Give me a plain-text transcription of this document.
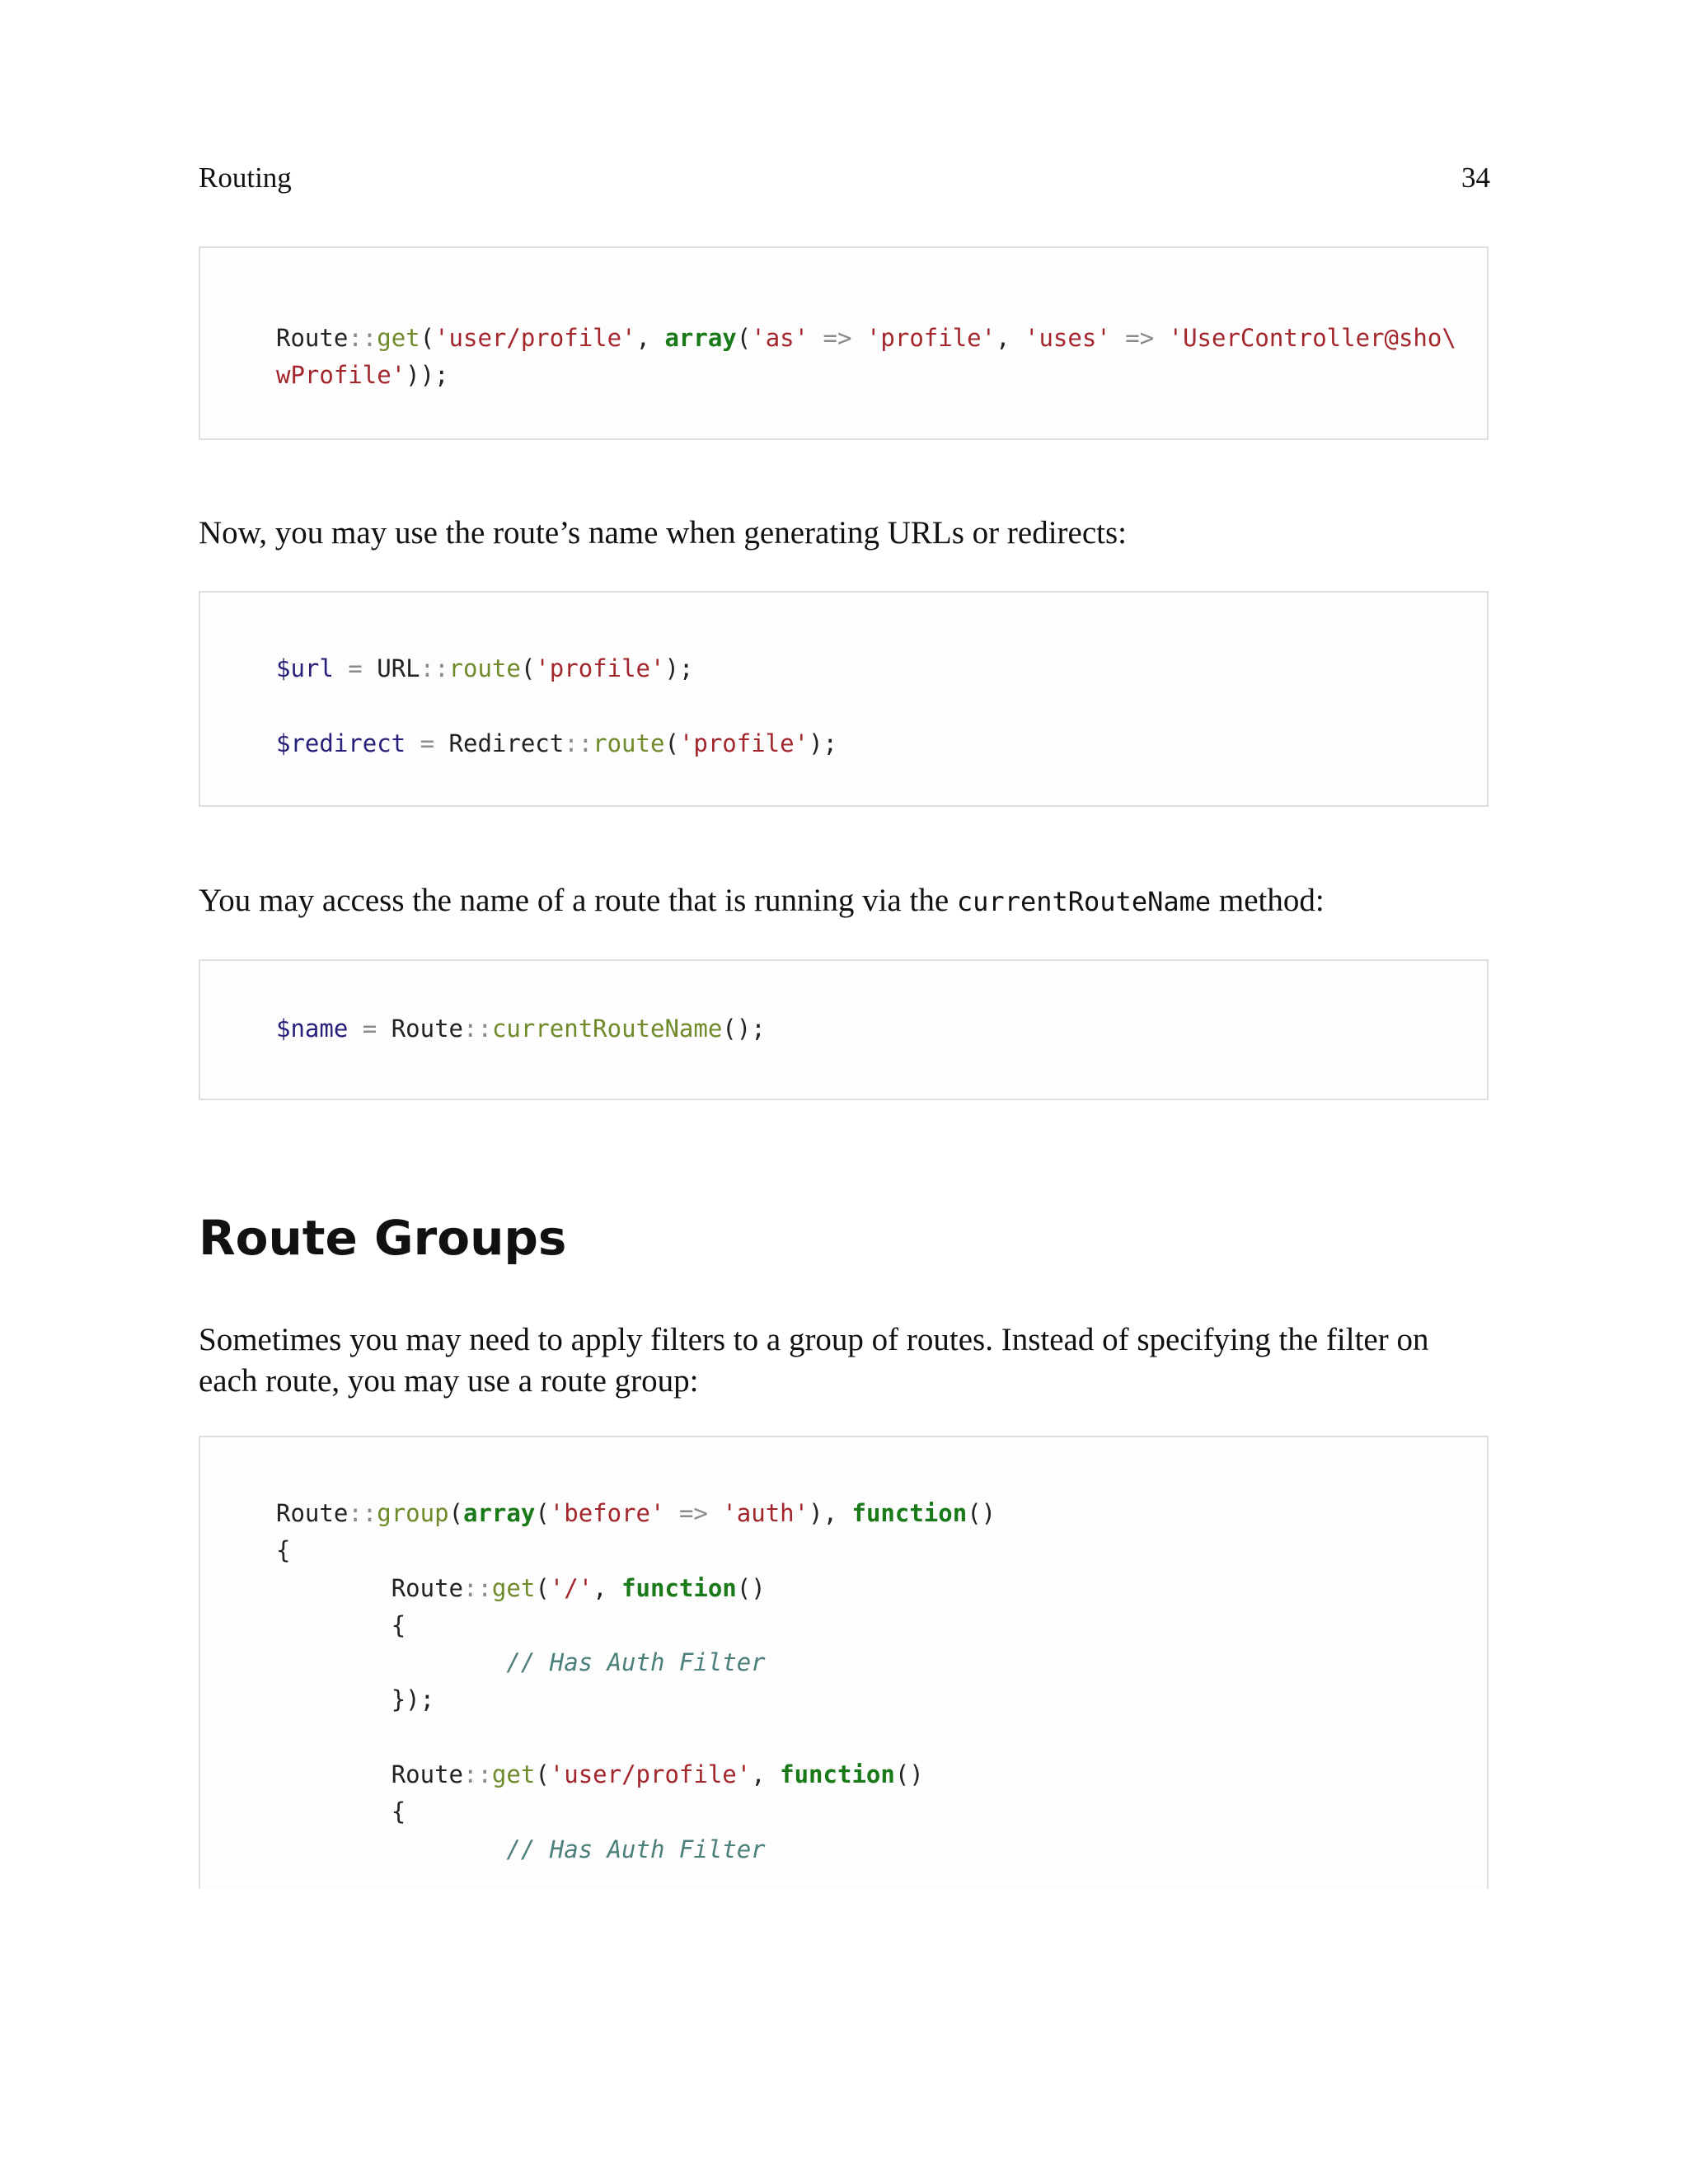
Routing	34
Route::get('user/profile', array('as' => 'profile', 'uses' => 'UserController@sho\
wProfile'));
Now, you may use the route’s name when generating URLs or redirects:
$url = URL::route('profile');

$redirect = Redirect::route('profile');
You may access the name of a route that is running via the currentRouteName method:
$name = Route::currentRouteName();
Route Groups
Sometimes you may need to apply filters to a group of routes. Instead of specifying the filter on each route, you may use a route group:
Route::group(array('before' => 'auth'), function()
{
Route::get('/', function()
{
// Has Auth Filter
});

Route::get('user/profile', function()
{
// Has Auth Filter
